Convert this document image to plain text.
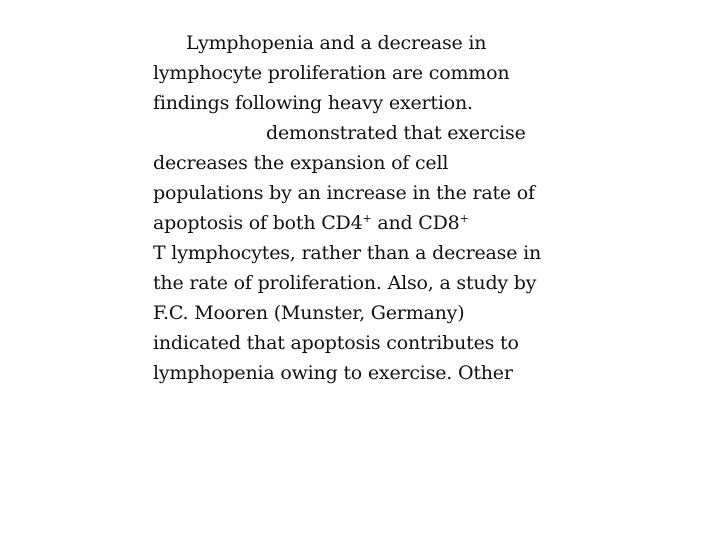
Lymphopenia and a decrease in
lymphocyte proliferation are common
findings following heavy exertion.
demonstrated that exercise
decreases the expansion of cell
populations by an increase in the rate of
apoptosis of both CD4+ and CD8+
T lymphocytes, rather than a decrease in
the rate of proliferation. Also, a study by
F.C. Mooren (Munster, Germany)
indicated that apoptosis contributes to
lymphopenia owing to exercise. Other
